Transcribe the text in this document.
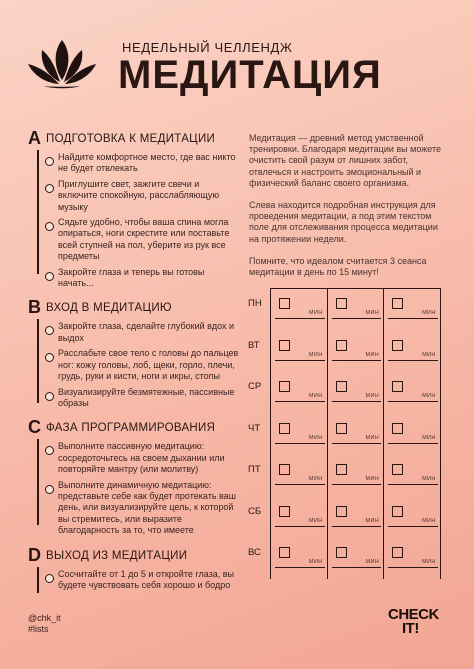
НЕДЕЛЬНЫЙ ЧЕЛЛЕНДЖ
МЕДИТАЦИЯ
A ПОДГОТОВКА К МЕДИТАЦИИ
Найдите комфортное место, где вас никто не будет отвлекать
Приглушите свет, зажгите свечи и включите спокойную, расслабляющую музыку
Сядьте удобно, чтобы ваша спина могла опираться, ноги скрестите или поставьте всей ступней на пол, уберите из рук все предметы
Закройте глаза и теперь вы готовы начать...
B ВХОД В МЕДИТАЦИЮ
Закройте глаза, сделайте глубокий вдох и выдох
Расслабьте свое тело с головы до пальцев ног: кожу головы, лоб, щеки, горло, плечи, грудь, руки и кисти, ноги и икры, стопы
Визуализируйте безмятежные, пассивные образы
C ФАЗА ПРОГРАММИРОВАНИЯ
Выполните пассивную медитацию: сосредоточьтесь на своем дыхании или повторяйте мантру (или молитву)
Выполните динамичную медитацию: представьте себе как будет протекать ваш день, или визуализируйте цель, к которой вы стремитесь, или выразите благодарность за то, что имеете
D ВЫХОД ИЗ МЕДИТАЦИИ
Сосчитайте от 1 до 5 и откройте глаза, вы будете чувствовать себя хорошо и бодро

Медитация — древний метод умственной тренировки. Благодаря медитации вы можете очистить свой разум от лишних забот, отвлечься и настроить эмоциональный и физический баланс своего организма.

Слева находится подробная инструкция для проведения медитации, а под этим текстом поле для отслеживания процесса медитации на протяжении недели.

Помните, что идеалом считается 3 сеанса медитации в день по 15 минут!

ПН
МИН	МИН	МИН
ВТ
МИН	МИН	МИН
СР
МИН	МИН	МИН
ЧТ
МИН	МИН	МИН
ПТ
МИН	МИН	МИН
СБ
МИН	МИН	МИН
ВС
МИН	МИН	МИН
@chk_it
#lists
CHECK
IT!
